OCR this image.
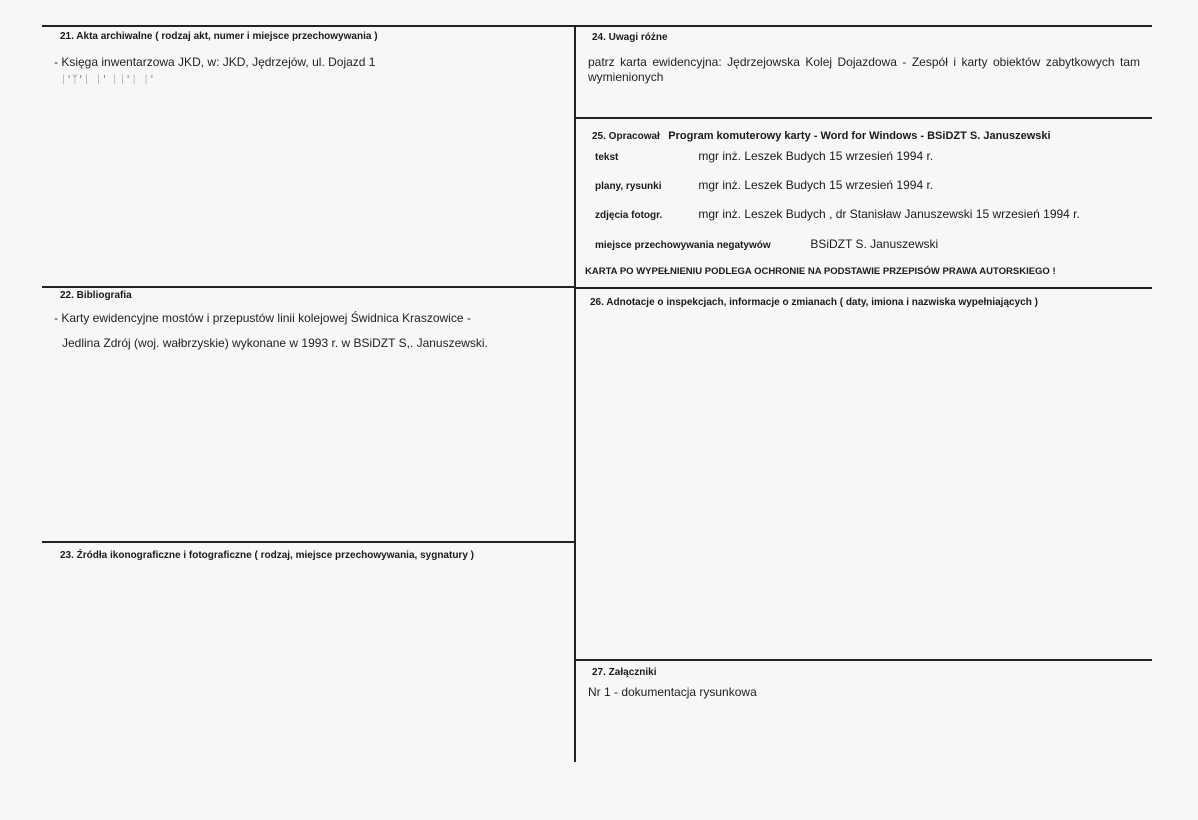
21. Akta archiwalne ( rodzaj akt, numer i miejsce przechowywania )
- Księga inwentarzowa JKD, w: JKD, Jędrzejów, ul. Dojazd 1
ᛁ'ᛉ'ᛁ ᛁ' ᛁᛁ'ᛁ ᛁ'
22. Bibliografia
- Karty ewidencyjne mostów i przepustów linii kolejowej Świdnica Kraszowice -
Jedlina Zdrój (woj. wałbrzyskie) wykonane w 1993 r. w BSiDZT S,. Januszewski.
23. Źródła ikonograficzne i fotograficzne ( rodzaj, miejsce przechowywania, sygnatury )
24. Uwagi różne
patrz karta ewidencyjna: Jędrzejowska Kolej Dojazdowa - Zespół i karty obiektów zabytkowych tam wymienionych
25. Opracował Program komuterowy karty - Word for Windows - BSiDZT S. Januszewski
tekst	mgr inż. Leszek Budych 15 wrzesień 1994 r.
plany, rysunki	mgr inż. Leszek Budych 15 wrzesień 1994 r.
zdjęcia fotogr.	mgr inż. Leszek Budych , dr Stanisław Januszewski 15 wrzesień 1994 r.
miejsce przechowywania negatywów	BSiDZT S. Januszewski
KARTA PO WYPEŁNIENIU PODLEGA OCHRONIE NA PODSTAWIE PRZEPISÓW PRAWA AUTORSKIEGO !
26. Adnotacje o inspekcjach, informacje o zmianach ( daty, imiona i nazwiska wypełniających )
27. Załączniki
Nr 1 - dokumentacja rysunkowa
